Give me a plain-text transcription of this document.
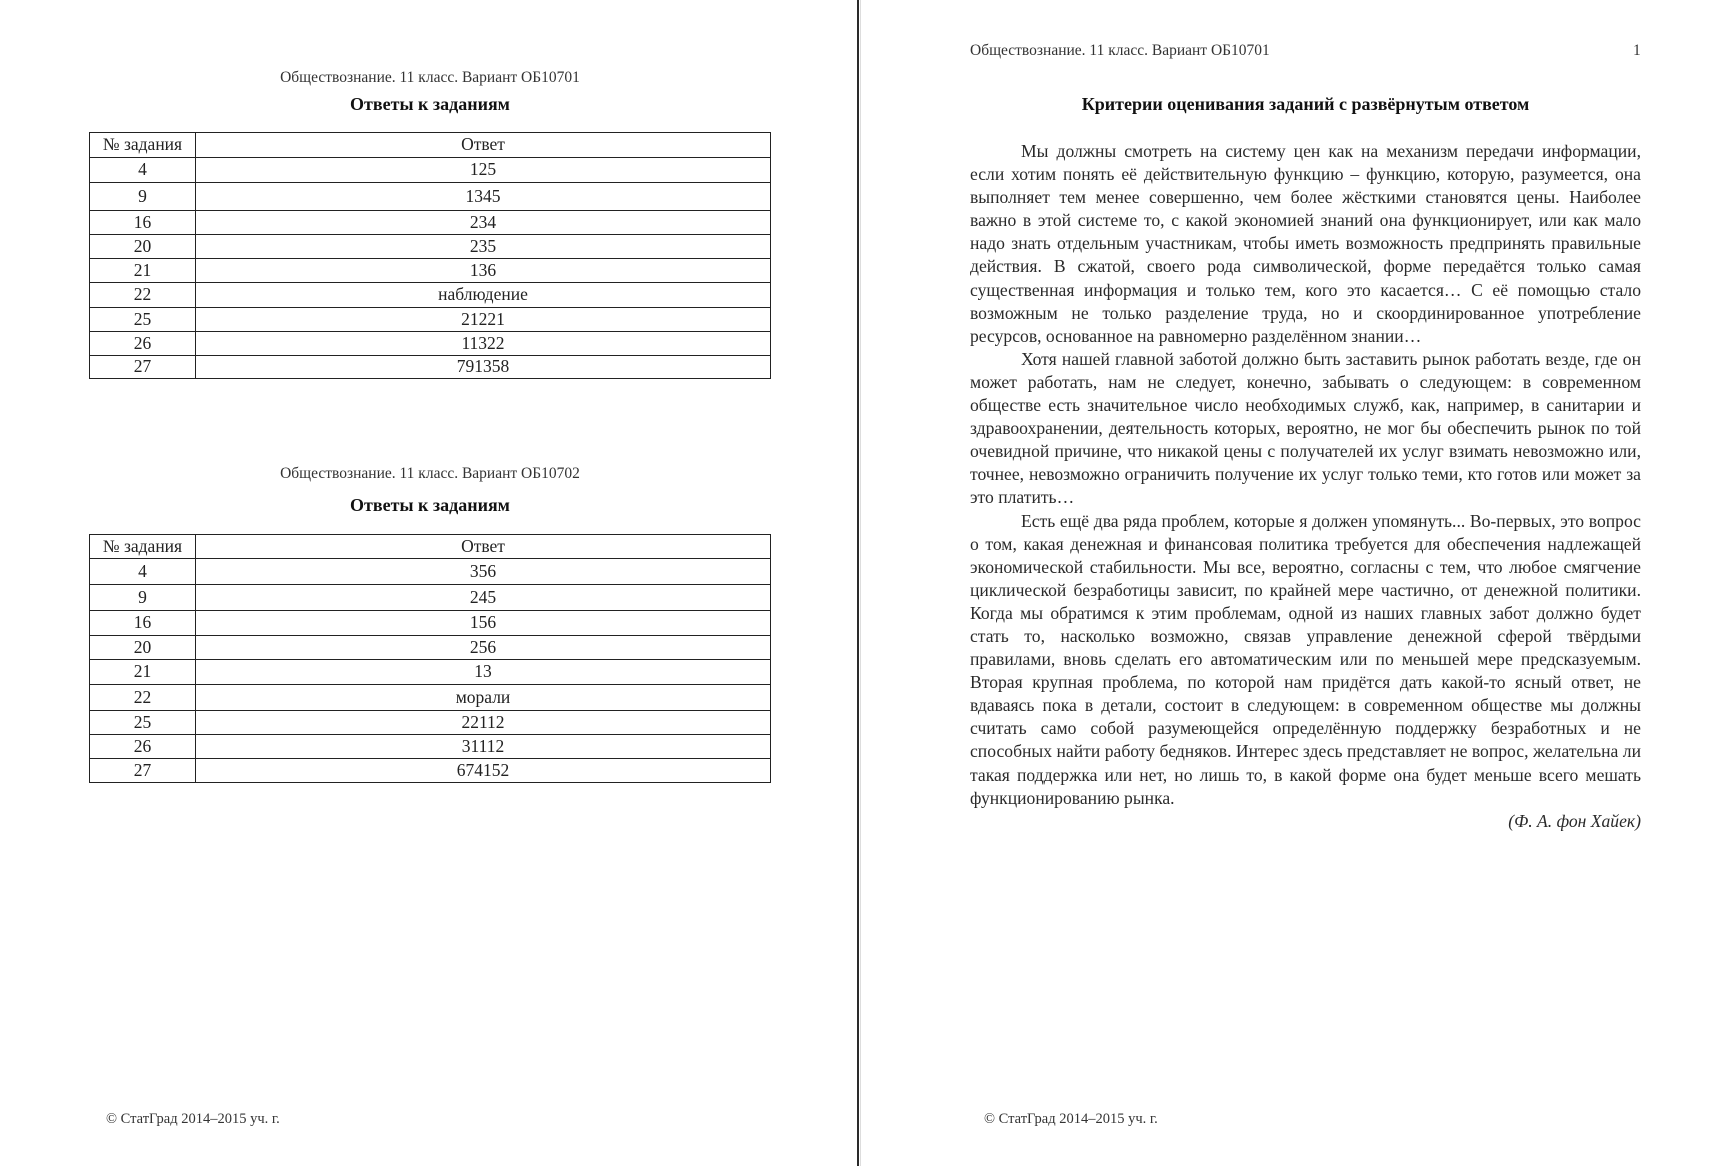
Обществознание. 11 класс. Вариант ОБ10701
Ответы к заданиям
№ задания	Ответ
4	125
9	1345
16	234
20	235
21	136
22	наблюдение
25	21221
26	11322
27	791358
Обществознание. 11 класс. Вариант ОБ10702
Ответы к заданиям
№ задания	Ответ
4	356
9	245
16	156
20	256
21	13
22	морали
25	22112
26	31112
27	674152
© СтатГрад 2014–2015 уч. г.
Обществознание. 11 класс. Вариант ОБ10701	1
Критерии оценивания заданий с развёрнутым ответом

Мы должны смотреть на систему цен как на механизм передачи информации, если хотим понять её действительную функцию – функцию, которую, разумеется, она выполняет тем менее совершенно, чем более жёсткими становятся цены. Наиболее важно в этой системе то, с какой экономией знаний она функционирует, или как мало надо знать отдельным участникам, чтобы иметь возможность предпринять правильные действия. В сжатой, своего рода символической, форме передаётся только самая существенная информация и только тем, кого это касается… С её помощью стало возможным не только разделение труда, но и скоординированное употребление ресурсов, основанное на равномерно разделённом знании…

Хотя нашей главной заботой должно быть заставить рынок работать везде, где он может работать, нам не следует, конечно, забывать о следующем: в современном обществе есть значительное число необходимых служб, как, например, в санитарии и здравоохранении, деятельность которых, вероятно, не мог бы обеспечить рынок по той очевидной причине, что никакой цены с получателей их услуг взимать невозможно или, точнее, невозможно ограничить получение их услуг только теми, кто готов или может за это платить…

Есть ещё два ряда проблем, которые я должен упомянуть... Во-первых, это вопрос о том, какая денежная и финансовая политика требуется для обеспечения надлежащей экономической стабильности. Мы все, вероятно, согласны с тем, что любое смягчение циклической безработицы зависит, по крайней мере частично, от денежной политики. Когда мы обратимся к этим проблемам, одной из наших главных забот должно будет стать то, насколько возможно, связав управление денежной сферой твёрдыми правилами, вновь сделать его автоматическим или по меньшей мере предсказуемым. Вторая крупная проблема, по которой нам придётся дать какой-то ясный ответ, не вдаваясь пока в детали, состоит в следующем: в современном обществе мы должны считать само собой разумеющейся определённую поддержку безработных и не способных найти работу бедняков. Интерес здесь представляет не вопрос, желательна ли такая поддержка или нет, но лишь то, в какой форме она будет меньше всего мешать функционированию рынка.

(Ф. А. фон Хайек)

© СтатГрад 2014–2015 уч. г.
